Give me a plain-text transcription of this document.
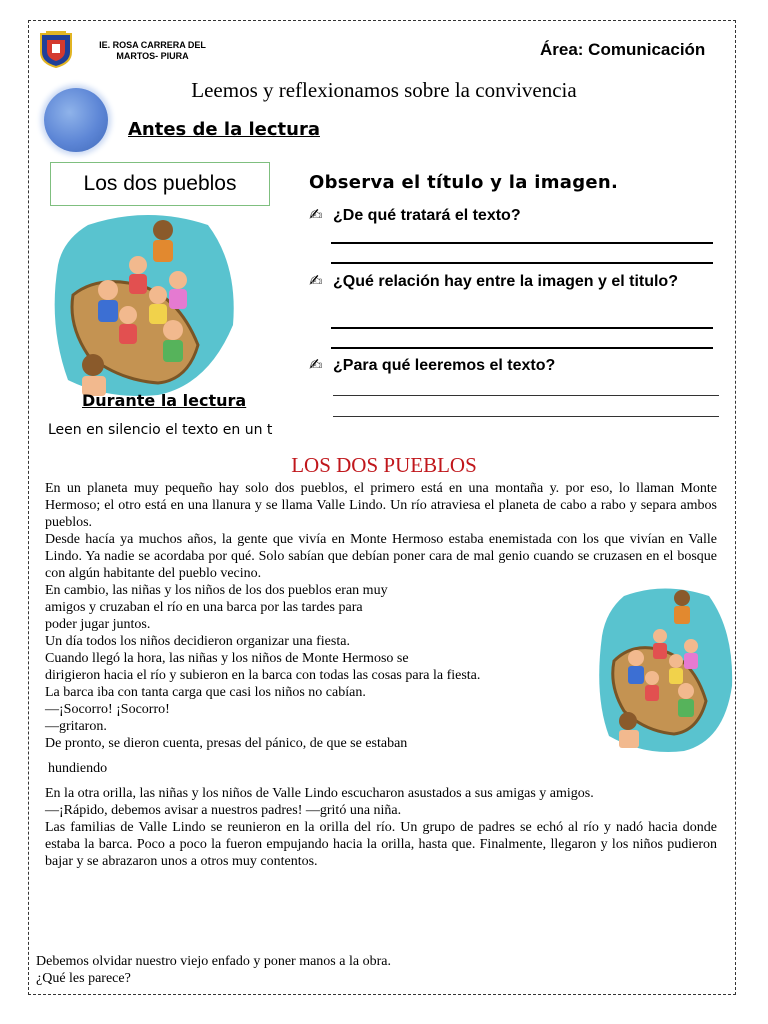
IE. ROSA CARRERA DEL
MARTOS- PIURA	Área: Comunicación
Leemos y reflexionamos sobre la convivencia
Antes de la lectura
Los dos pueblos	Observa el título y la imagen.
✍ ¿De qué tratará el texto?
✍ ¿Qué relación hay entre la imagen y el titulo?
✍ ¿Para qué leeremos el texto?
Durante la lectura
Leen en silencio el texto en un t
LOS DOS PUEBLOS
En un planeta muy pequeño hay solo dos pueblos, el primero está en una montaña y. por eso, lo llaman Monte Hermoso; el otro está en una llanura y se llama Valle Lindo. Un río atraviesa el planeta de cabo a rabo y separa ambos pueblos.
Desde hacía ya muchos años, la gente que vivía en Monte Hermoso estaba enemistada con los que vivían en Valle Lindo. Ya nadie se acordaba por qué. Solo sabían que debían poner cara de mal genio cuando se cruzasen en el bosque con algún habitante del pueblo vecino.
En cambio, las niñas y los niños de los dos pueblos eran muy
amigos y cruzaban el río en una barca por las tardes para
poder jugar juntos.
Un día todos los niños decidieron organizar una fiesta.
Cuando llegó la hora, las niñas y los niños de Monte Hermoso se
dirigieron hacia el río y subieron en la barca con todas las cosas para la fiesta.
La barca iba con tanta carga que casi los niños no cabían.
—¡Socorro! ¡Socorro!
—gritaron.
De pronto, se dieron cuenta, presas del pánico, de que se estaban
hundiendo
En la otra orilla, las niñas y los niños de Valle Lindo escucharon asustados a sus amigas y amigos.
—¡Rápido, debemos avisar a nuestros padres! —gritó una niña.
Las familias de Valle Lindo se reunieron en la orilla del río. Un grupo de padres se echó al río y nadó hacia donde estaba la barca. Poco a poco la fueron empujando hacia la orilla, hasta que. Finalmente, llegaron y los niños pudieron bajar y se abrazaron unos a otros muy contentos.
Debemos olvidar nuestro viejo enfado y poner manos a la obra.
¿Qué les parece?
